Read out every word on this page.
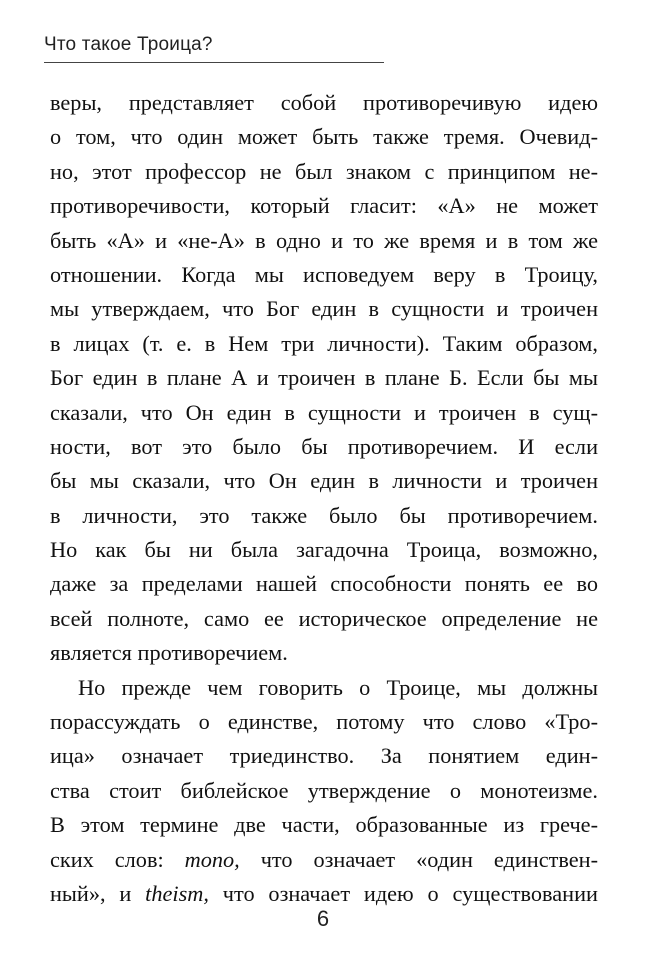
Что такое Троица?
веры, представляет собой противоречивую идею
о том, что один может быть также тремя. Очевид-
но, этот профессор не был знаком с принципом не-
противоречивости, который гласит: «А» не может
быть «А» и «не-А» в одно и то же время и в том же
отношении. Когда мы исповедуем веру в Троицу,
мы утверждаем, что Бог един в сущности и троичен
в лицах (т. е. в Нем три личности). Таким образом,
Бог един в плане А и троичен в плане Б. Если бы мы
сказали, что Он един в сущности и троичен в сущ-
ности, вот это было бы противоречием. И если
бы мы сказали, что Он един в личности и троичен
в личности, это также было бы противоречием.
Но как бы ни была загадочна Троица, возможно,
даже за пределами нашей способности понять ее во
всей полноте, само ее историческое определение не
является противоречием.
Но прежде чем говорить о Троице, мы должны
порассуждать о единстве, потому что слово «Тро-
ица» означает триединство. За понятием един-
ства стоит библейское утверждение о монотеизме.
В этом термине две части, образованные из грече-
ских слов: mono, что означает «один единствен-
ный», и theism, что означает идею о существовании
6
